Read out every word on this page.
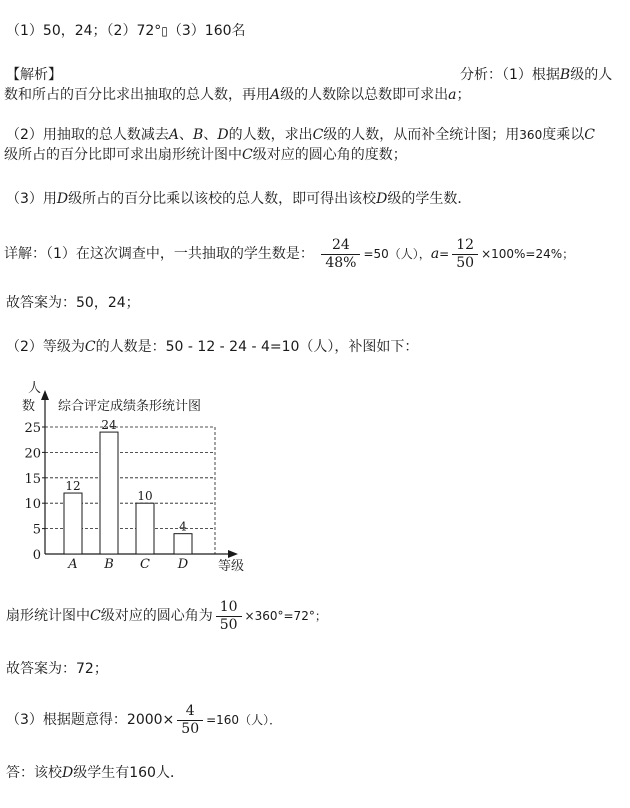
（1）50，24；（2）72°▯（3）160名
【解析】	分析：（1）根据B级的人
数和所占的百分比求出抽取的总人数，再用A级的人数除以总数即可求出a；
（2）用抽取的总人数减去A、B、D的人数，求出C级的人数，从而补全统计图；用360度乘以C
级所占的百分比即可求出扇形统计图中C级对应的圆心角的度数；
（3）用D级所占的百分比乘以该校的总人数，即可得出该校D级的学生数．
详解：（1）在这次调查中，一共抽取的学生数是： $\frac{24}{48\%} =50$（人），$a= \frac{12}{50} \times 100\%=24\%$；
故答案为：50，24；
（2）等级为C的人数是：50 - 12 - 24 - 4=10（人），补图如下：
0
5
10
15
20
25
12
A
24
B
10
C
4
D
人
数 综合评定成绩条形统计图
等级
扇形统计图中C级对应的圆心角为 $\frac{10}{50} \times 360^\circ=72^\circ$；
故答案为：72；
（3）根据题意得：$2000\times \frac{4}{50} =160$（人）．
答：该校D级学生有160人．
